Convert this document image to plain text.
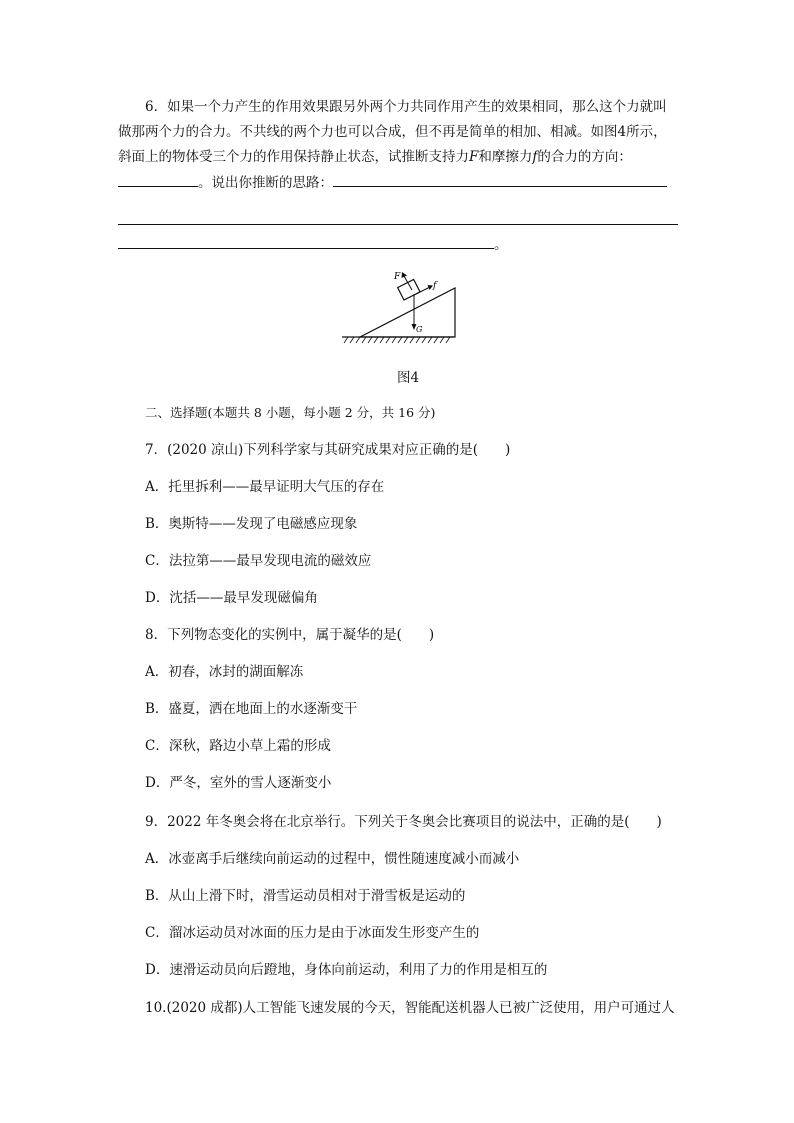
6．如果一个力产生的作用效果跟另外两个力共同作用产生的效果相同，那么这个力就叫
做那两个力的合力。不共线的两个力也可以合成，但不再是简单的相加、相减。如图4所示，
斜面上的物体受三个力的作用保持静止状态，试推断支持力F和摩擦力f的合力的方向：
。说出你推断的思路：
。
F
f
G
图4
二、选择题(本题共 8 小题，每小题 2 分，共 16 分)
7．(2020 凉山)下列科学家与其研究成果对应正确的是(　　)
A．托里拆利——最早证明大气压的存在
B．奥斯特——发现了电磁感应现象
C．法拉第——最早发现电流的磁效应
D．沈括——最早发现磁偏角
8．下列物态变化的实例中，属于凝华的是(　　)
A．初春，冰封的湖面解冻
B．盛夏，洒在地面上的水逐渐变干
C．深秋，路边小草上霜的形成
D．严冬，室外的雪人逐渐变小
9．2022 年冬奥会将在北京举行。下列关于冬奥会比赛项目的说法中，正确的是(　　)
A．冰壶离手后继续向前运动的过程中，惯性随速度减小而减小
B．从山上滑下时，滑雪运动员相对于滑雪板是运动的
C．溜冰运动员对冰面的压力是由于冰面发生形变产生的
D．速滑运动员向后蹬地，身体向前运动，利用了力的作用是相互的
10.(2020 成都)人工智能飞速发展的今天，智能配送机器人已被广泛使用，用户可通过人
